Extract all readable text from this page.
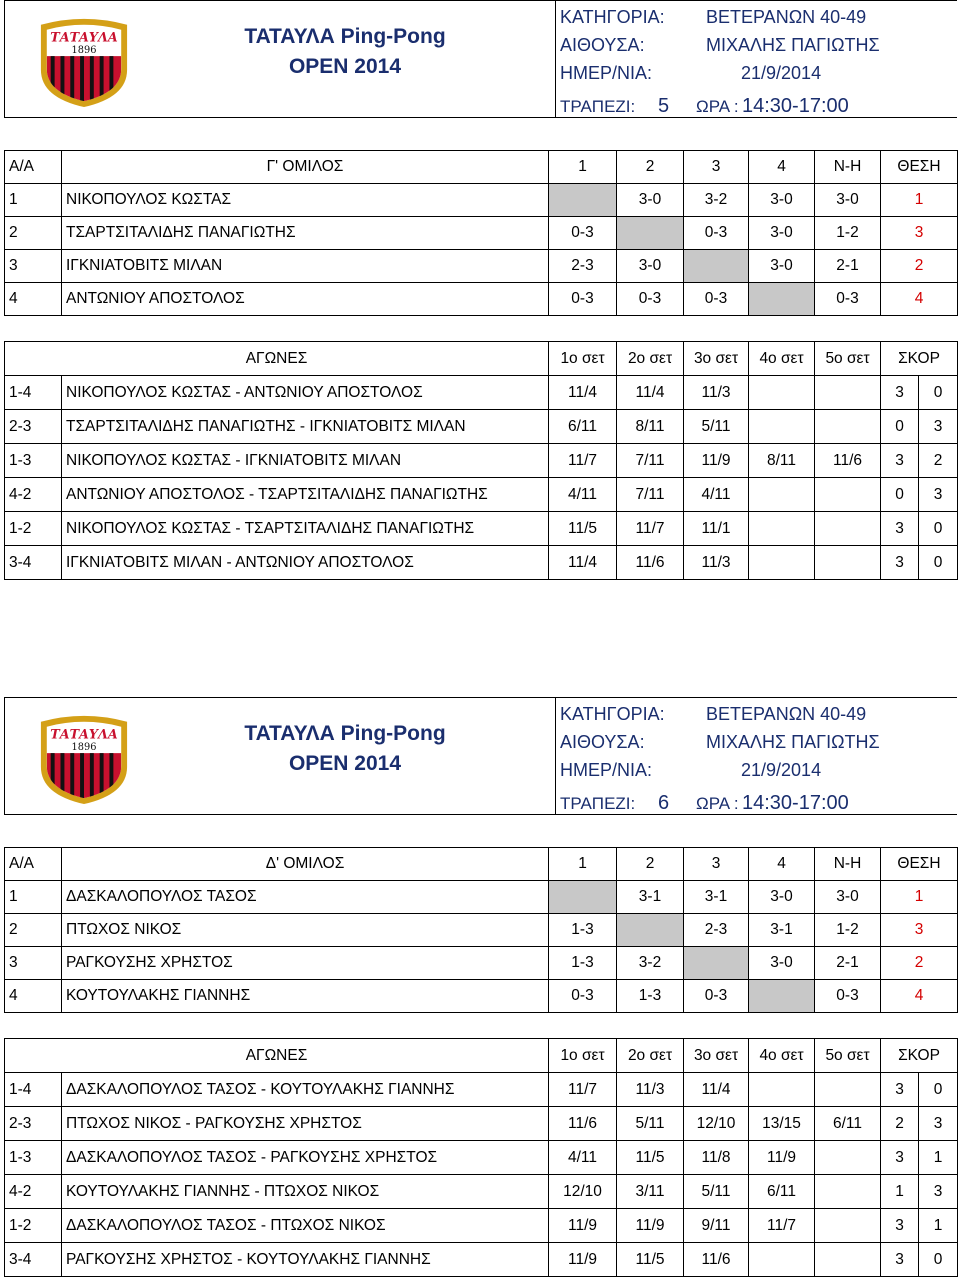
ΤΑΤΑΥΛΑ
1896
ΤΑΤΑΥΛΑ Ping-Pong
OPEN 2014
ΚΑΤΗΓΟΡΙΑ: ΒΕΤΕΡΑΝΩΝ 40-49
ΑΙΘΟΥΣΑ:	ΜΙΧΑΛΗΣ ΠΑΓΙΩΤΗΣ
ΗΜΕΡ/ΝΙΑ:	21/9/2014
ΤΡΑΠΕΖΙ: 5 ΩΡΑ : 14:30-17:00
Α/Α	Γ' ΟΜΙΛΟΣ	1	2	3	4	Ν-Η	ΘΕΣΗ
1	ΝΙΚΟΠΟΥΛΟΣ ΚΩΣΤΑΣ		3-0	3-2	3-0	3-0	1
2	ΤΣΑΡΤΣΙΤΑΛΙΔΗΣ ΠΑΝΑΓΙΩΤΗΣ	0-3		0-3	3-0	1-2	3
3	ΙΓΚΝΙΑΤΟΒΙΤΣ ΜΙΛΑΝ	2-3	3-0		3-0	2-1	2
4	ΑΝΤΩΝΙΟΥ ΑΠΟΣΤΟΛΟΣ	0-3	0-3	0-3		0-3	4
ΑΓΩΝΕΣ		1ο σετ	2ο σετ	3ο σετ	4ο σετ	5ο σετ	ΣΚΟΡ	
1-4	ΝΙΚΟΠΟΥΛΟΣ ΚΩΣΤΑΣ - ΑΝΤΩΝΙΟΥ ΑΠΟΣΤΟΛΟΣ	11/4	11/4	11/3			3	0
2-3	ΤΣΑΡΤΣΙΤΑΛΙΔΗΣ ΠΑΝΑΓΙΩΤΗΣ - ΙΓΚΝΙΑΤΟΒΙΤΣ ΜΙΛΑΝ	6/11	8/11	5/11			0	3
1-3	ΝΙΚΟΠΟΥΛΟΣ ΚΩΣΤΑΣ - ΙΓΚΝΙΑΤΟΒΙΤΣ ΜΙΛΑΝ	11/7	7/11	11/9	8/11	11/6	3	2
4-2	ΑΝΤΩΝΙΟΥ ΑΠΟΣΤΟΛΟΣ - ΤΣΑΡΤΣΙΤΑΛΙΔΗΣ ΠΑΝΑΓΙΩΤΗΣ	4/11	7/11	4/11			0	3
1-2	ΝΙΚΟΠΟΥΛΟΣ ΚΩΣΤΑΣ - ΤΣΑΡΤΣΙΤΑΛΙΔΗΣ ΠΑΝΑΓΙΩΤΗΣ	11/5	11/7	11/1			3	0
3-4	ΙΓΚΝΙΑΤΟΒΙΤΣ ΜΙΛΑΝ - ΑΝΤΩΝΙΟΥ ΑΠΟΣΤΟΛΟΣ	11/4	11/6	11/3			3	0
ΤΑΤΑΥΛΑ
1896
ΤΑΤΑΥΛΑ Ping-Pong
OPEN 2014
ΚΑΤΗΓΟΡΙΑ: ΒΕΤΕΡΑΝΩΝ 40-49
ΑΙΘΟΥΣΑ:	ΜΙΧΑΛΗΣ ΠΑΓΙΩΤΗΣ
ΗΜΕΡ/ΝΙΑ:	21/9/2014
ΤΡΑΠΕΖΙ: 6 ΩΡΑ : 14:30-17:00
Α/Α	Δ' ΟΜΙΛΟΣ	1	2	3	4	Ν-Η	ΘΕΣΗ
1	ΔΑΣΚΑΛΟΠΟΥΛΟΣ ΤΑΣΟΣ		3-1	3-1	3-0	3-0	1
2	ΠΤΩΧΟΣ ΝΙΚΟΣ	1-3		2-3	3-1	1-2	3
3	ΡΑΓΚΟΥΣΗΣ ΧΡΗΣΤΟΣ	1-3	3-2		3-0	2-1	2
4	ΚΟΥΤΟΥΛΑΚΗΣ ΓΙΑΝΝΗΣ	0-3	1-3	0-3		0-3	4
ΑΓΩΝΕΣ		1ο σετ	2ο σετ	3ο σετ	4ο σετ	5ο σετ	ΣΚΟΡ	
1-4	ΔΑΣΚΑΛΟΠΟΥΛΟΣ ΤΑΣΟΣ - ΚΟΥΤΟΥΛΑΚΗΣ ΓΙΑΝΝΗΣ	11/7	11/3	11/4			3	0
2-3	ΠΤΩΧΟΣ ΝΙΚΟΣ - ΡΑΓΚΟΥΣΗΣ ΧΡΗΣΤΟΣ	11/6	5/11	12/10	13/15	6/11	2	3
1-3	ΔΑΣΚΑΛΟΠΟΥΛΟΣ ΤΑΣΟΣ - ΡΑΓΚΟΥΣΗΣ ΧΡΗΣΤΟΣ	4/11	11/5	11/8	11/9		3	1
4-2	ΚΟΥΤΟΥΛΑΚΗΣ ΓΙΑΝΝΗΣ - ΠΤΩΧΟΣ ΝΙΚΟΣ	12/10	3/11	5/11	6/11		1	3
1-2	ΔΑΣΚΑΛΟΠΟΥΛΟΣ ΤΑΣΟΣ - ΠΤΩΧΟΣ ΝΙΚΟΣ	11/9	11/9	9/11	11/7		3	1
3-4	ΡΑΓΚΟΥΣΗΣ ΧΡΗΣΤΟΣ - ΚΟΥΤΟΥΛΑΚΗΣ ΓΙΑΝΝΗΣ	11/9	11/5	11/6			3	0
